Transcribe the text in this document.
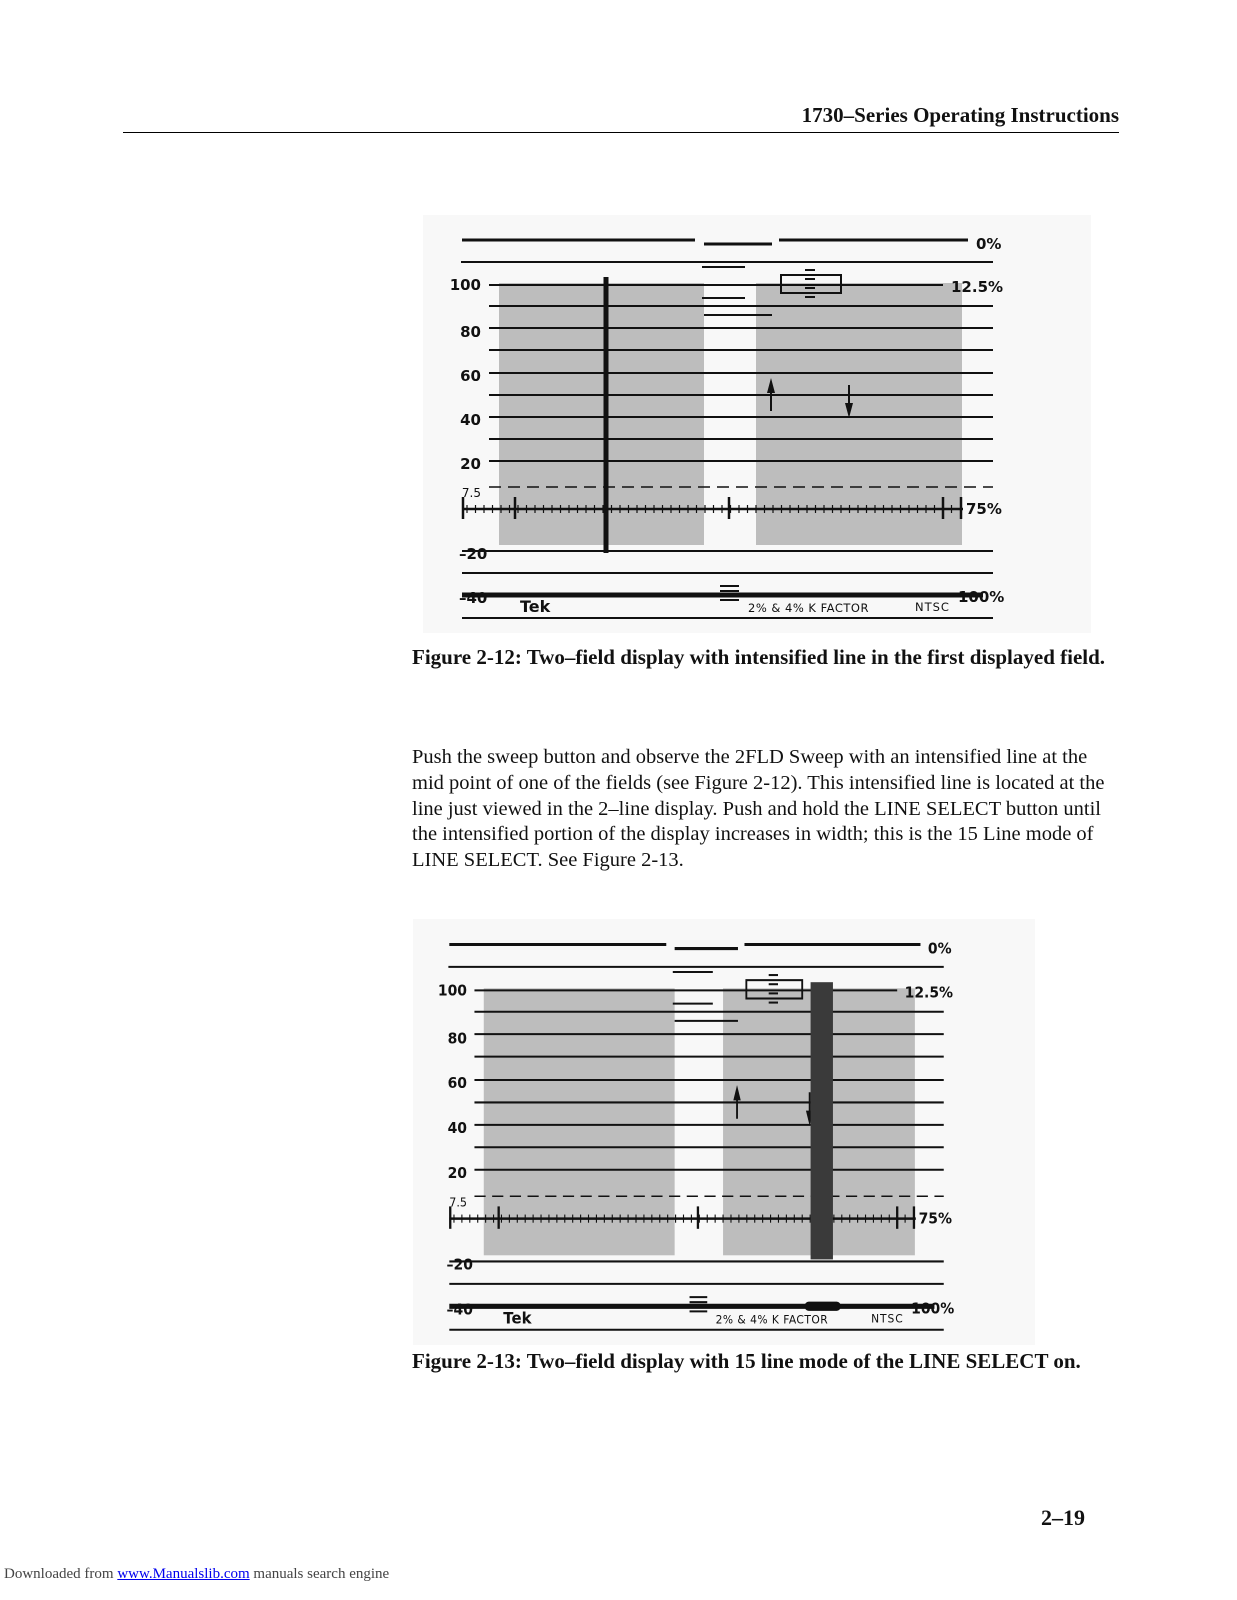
1730–Series Operating Instructions
100
80
60
40
20
7.5
–20
–40
0%
12.5%
75%
100%
Tek	2% & 4% K FACTOR	NTSC
Figure 2-12: Two–field display with intensified line in the first displayed field.
Push the sweep button and observe the 2FLD Sweep with an intensified line at the mid point of one of the fields (see Figure 2-12). This intensified line is located at the line just viewed in the 2–line display. Push and hold the LINE SELECT button until the intensified portion of the display increases in width; this is the 15 Line mode of LINE SELECT. See Figure 2-13.
100
80
60
40
20
7.5
–20
–40
0%
12.5%
75%
100%
Tek	2% & 4% K FACTOR	NTSC
Figure 2-13: Two–field display with 15 line mode of the LINE SELECT on.
2–19
Downloaded from www.Manualslib.com manuals search engine
